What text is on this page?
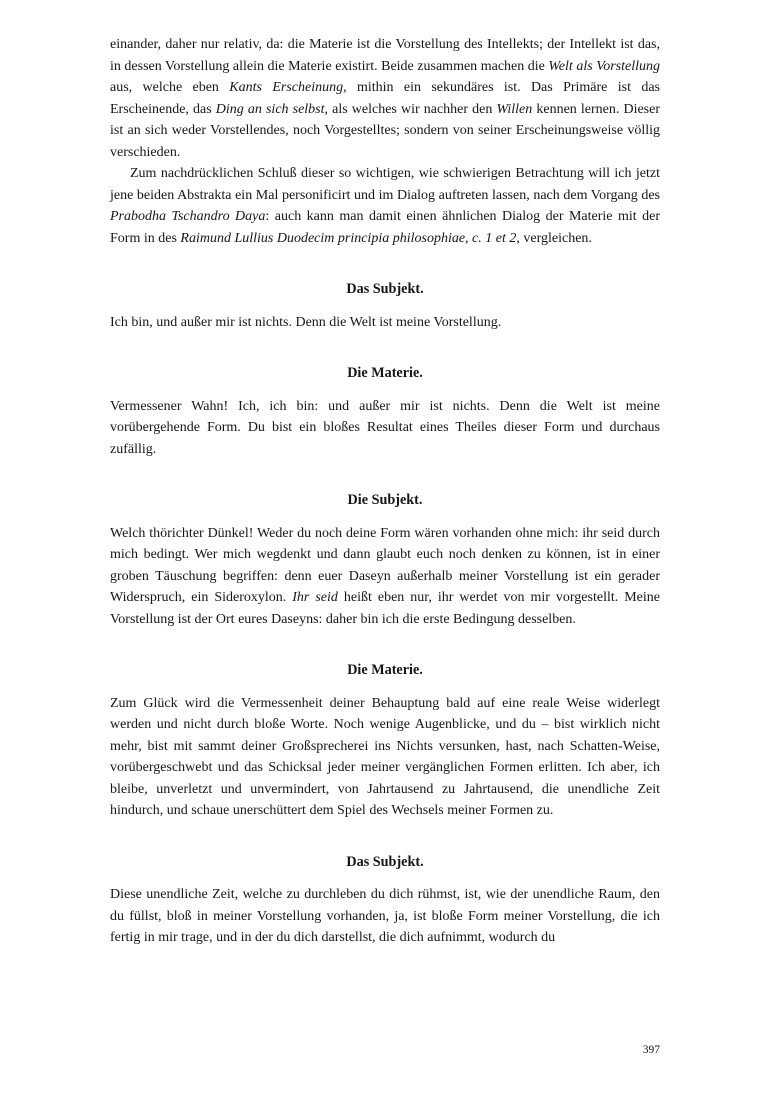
einander, daher nur relativ, da: die Materie ist die Vorstellung des Intellekts; der Intellekt ist das, in dessen Vorstellung allein die Materie existirt. Beide zusammen machen die Welt als Vorstellung aus, welche eben Kants Erscheinung, mithin ein sekundäres ist. Das Primäre ist das Erscheinende, das Ding an sich selbst, als welches wir nachher den Willen kennen lernen. Dieser ist an sich weder Vorstellendes, noch Vorgestelltes; sondern von seiner Erscheinungsweise völlig verschieden.

Zum nachdrücklichen Schluß dieser so wichtigen, wie schwierigen Betrachtung will ich jetzt jene beiden Abstrakta ein Mal personificirt und im Dialog auftreten lassen, nach dem Vorgang des Prabodha Tschandro Daya: auch kann man damit einen ähnlichen Dialog der Materie mit der Form in des Raimund Lullius Duodecim principia philosophiae, c. 1 et 2, vergleichen.

Das Subjekt.

Ich bin, und außer mir ist nichts. Denn die Welt ist meine Vorstellung.

Die Materie.

Vermessener Wahn! Ich, ich bin: und außer mir ist nichts. Denn die Welt ist meine vorübergehende Form. Du bist ein bloßes Resultat eines Theiles dieser Form und durchaus zufällig.

Die Subjekt.

Welch thörichter Dünkel! Weder du noch deine Form wären vorhanden ohne mich: ihr seid durch mich bedingt. Wer mich wegdenkt und dann glaubt euch noch denken zu können, ist in einer groben Täuschung begriffen: denn euer Daseyn außerhalb meiner Vorstellung ist ein gerader Widerspruch, ein Sideroxylon. Ihr seid heißt eben nur, ihr werdet von mir vorgestellt. Meine Vorstellung ist der Ort eures Daseyns: daher bin ich die erste Bedingung desselben.

Die Materie.

Zum Glück wird die Vermessenheit deiner Behauptung bald auf eine reale Weise widerlegt werden und nicht durch bloße Worte. Noch wenige Augenblicke, und du – bist wirklich nicht mehr, bist mit sammt deiner Großsprecherei ins Nichts versunken, hast, nach Schatten-Weise, vorübergeschwebt und das Schicksal jeder meiner vergänglichen Formen erlitten. Ich aber, ich bleibe, unverletzt und unvermindert, von Jahrtausend zu Jahrtausend, die unendliche Zeit hindurch, und schaue unerschüttert dem Spiel des Wechsels meiner Formen zu.

Das Subjekt.

Diese unendliche Zeit, welche zu durchleben du dich rühmst, ist, wie der unendliche Raum, den du füllst, bloß in meiner Vorstellung vorhanden, ja, ist bloße Form meiner Vorstellung, die ich fertig in mir trage, und in der du dich darstellst, die dich aufnimmt, wodurch du

397
